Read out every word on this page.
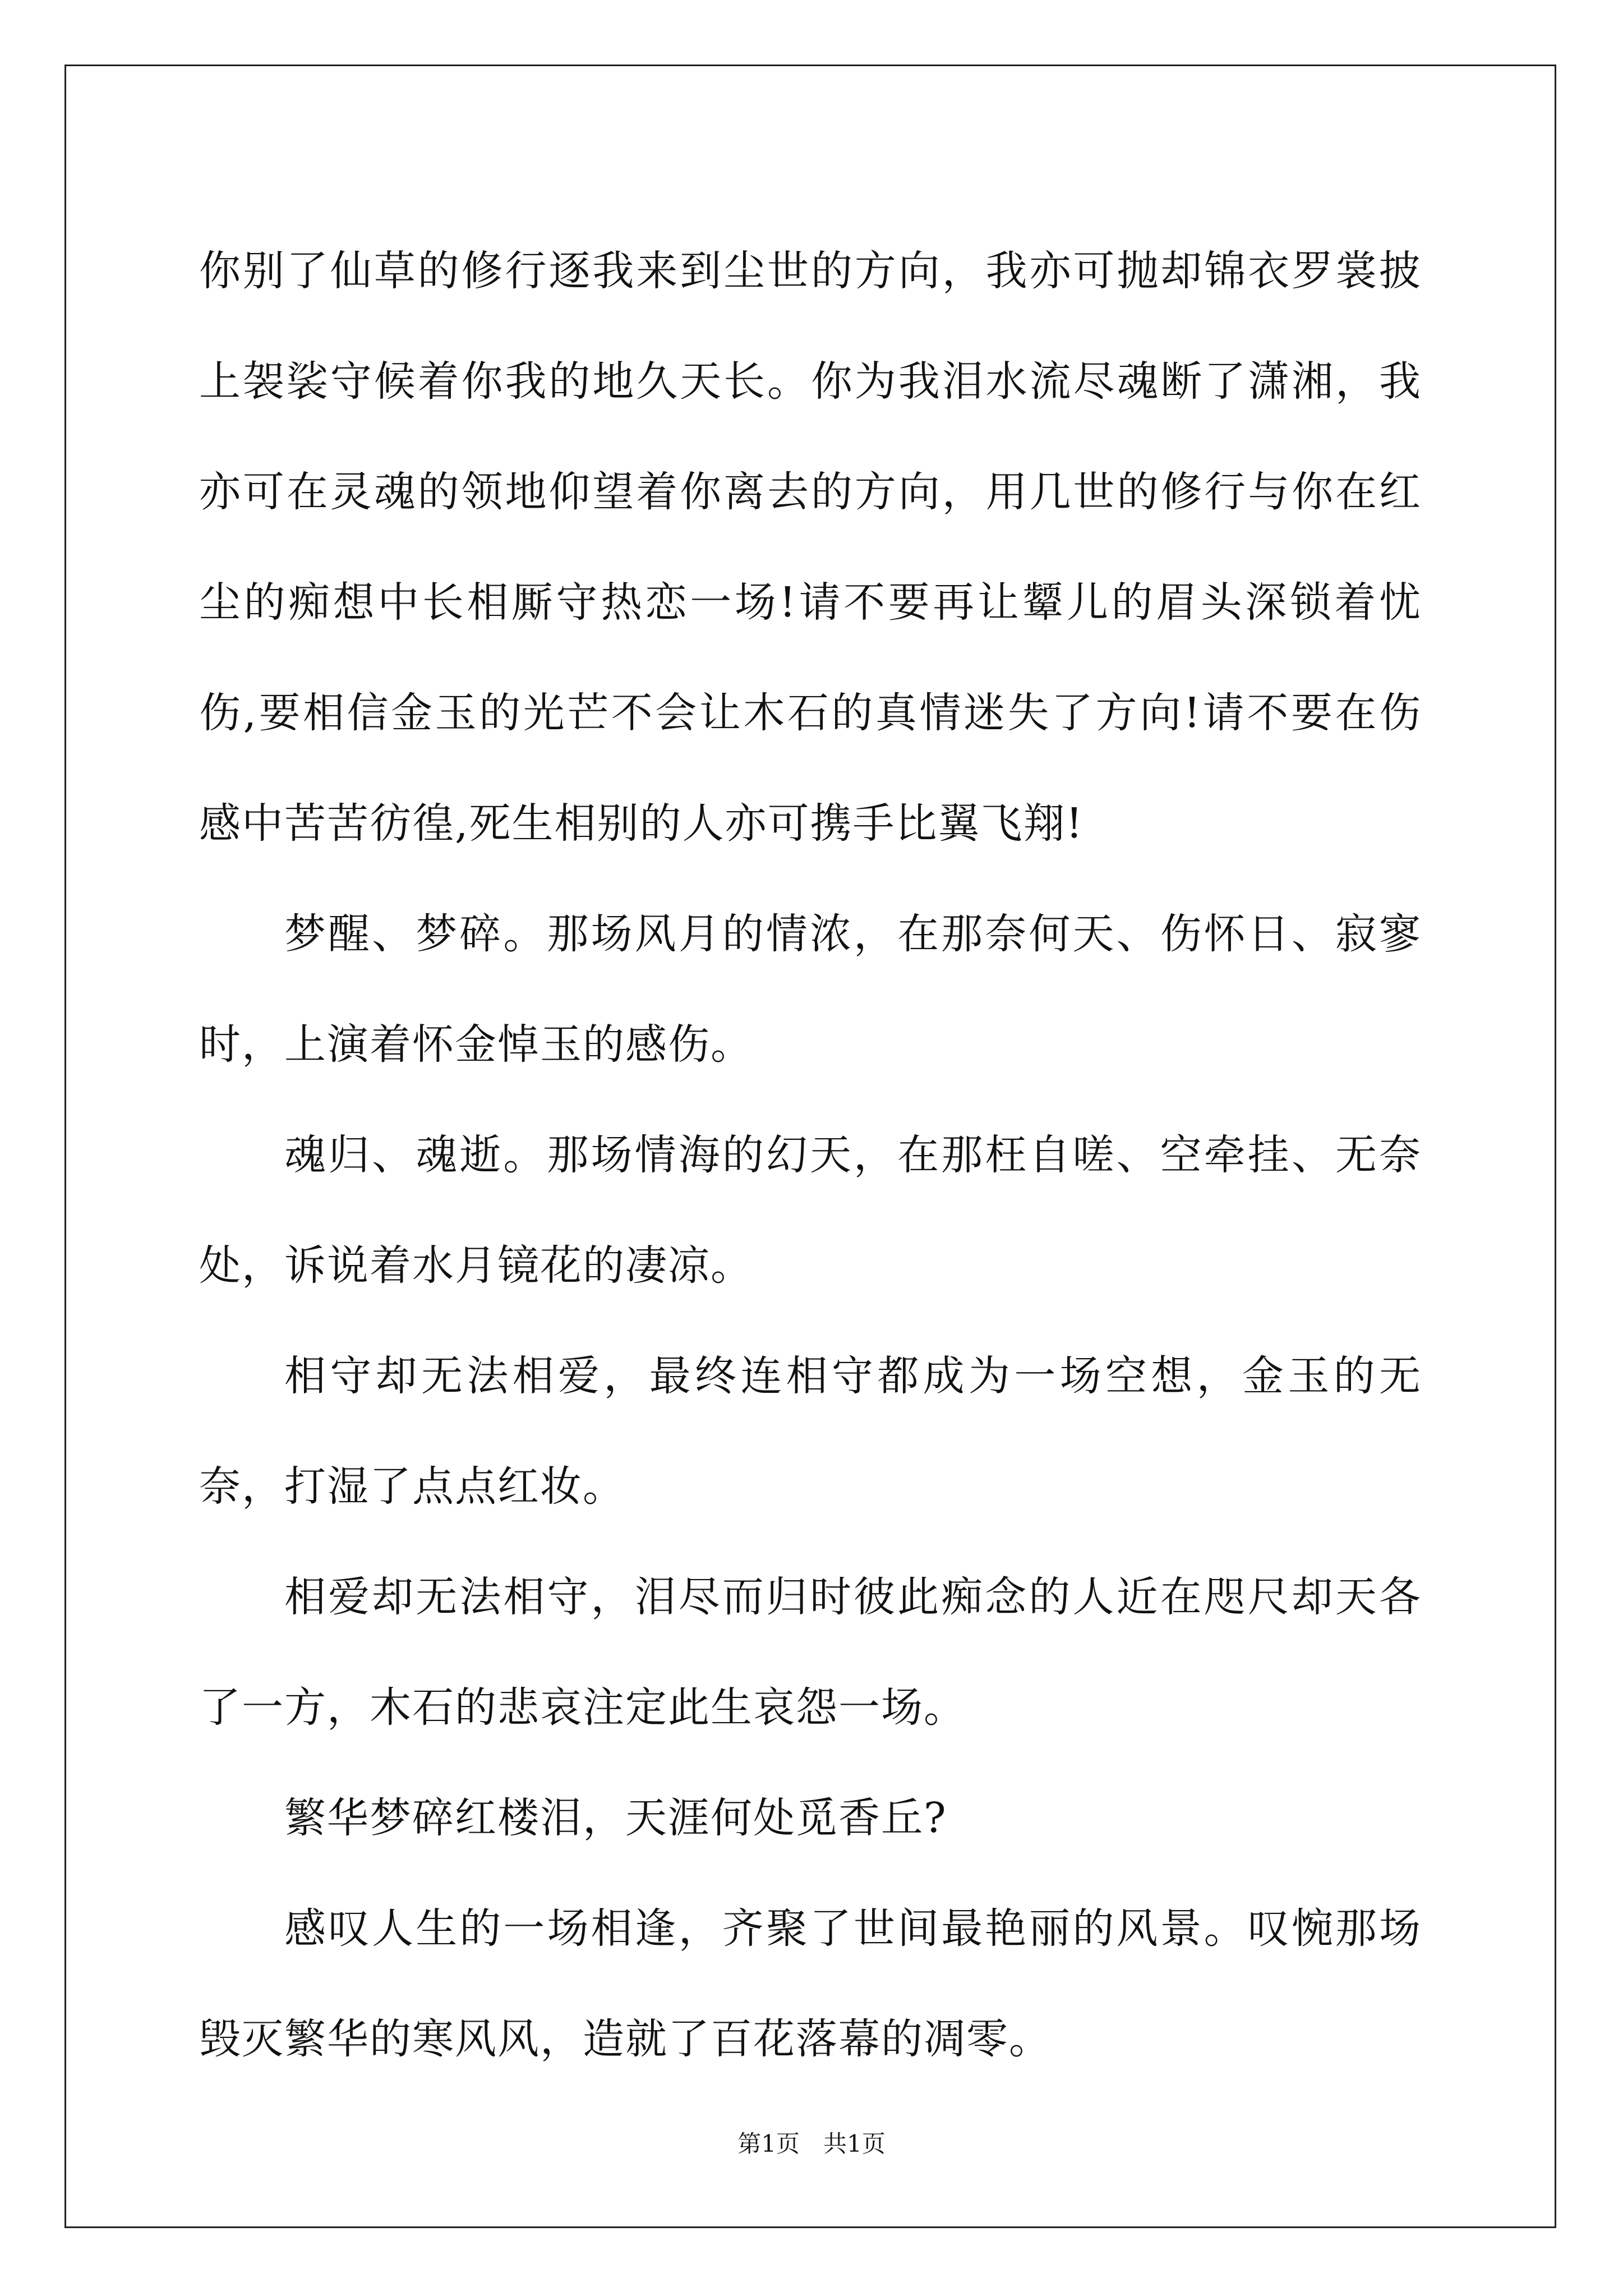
你别了仙草的修行逐我来到尘世的方向，我亦可抛却锦衣罗裳披上袈裟守候着你我的地久天长。你为我泪水流尽魂断了潇湘，我亦可在灵魂的领地仰望着你离去的方向，用几世的修行与你在红尘的痴想中长相厮守热恋一场!请不要再让颦儿的眉头深锁着忧伤,要相信金玉的光芒不会让木石的真情迷失了方向!请不要在伤感中苦苦彷徨,死生相别的人亦可携手比翼飞翔!

梦醒、梦碎。那场风月的情浓，在那奈何天、伤怀日、寂寥时，上演着怀金悼玉的感伤。

魂归、魂逝。那场情海的幻天，在那枉自嗟、空牵挂、无奈处，诉说着水月镜花的凄凉。

相守却无法相爱，最终连相守都成为一场空想，金玉的无奈，打湿了点点红妆。

相爱却无法相守，泪尽而归时彼此痴念的人近在咫尺却天各了一方，木石的悲哀注定此生哀怨一场。

繁华梦碎红楼泪，天涯何处觅香丘?

感叹人生的一场相逢，齐聚了世间最艳丽的风景。叹惋那场毁灭繁华的寒风风，造就了百花落幕的凋零。

第1页　共1页
